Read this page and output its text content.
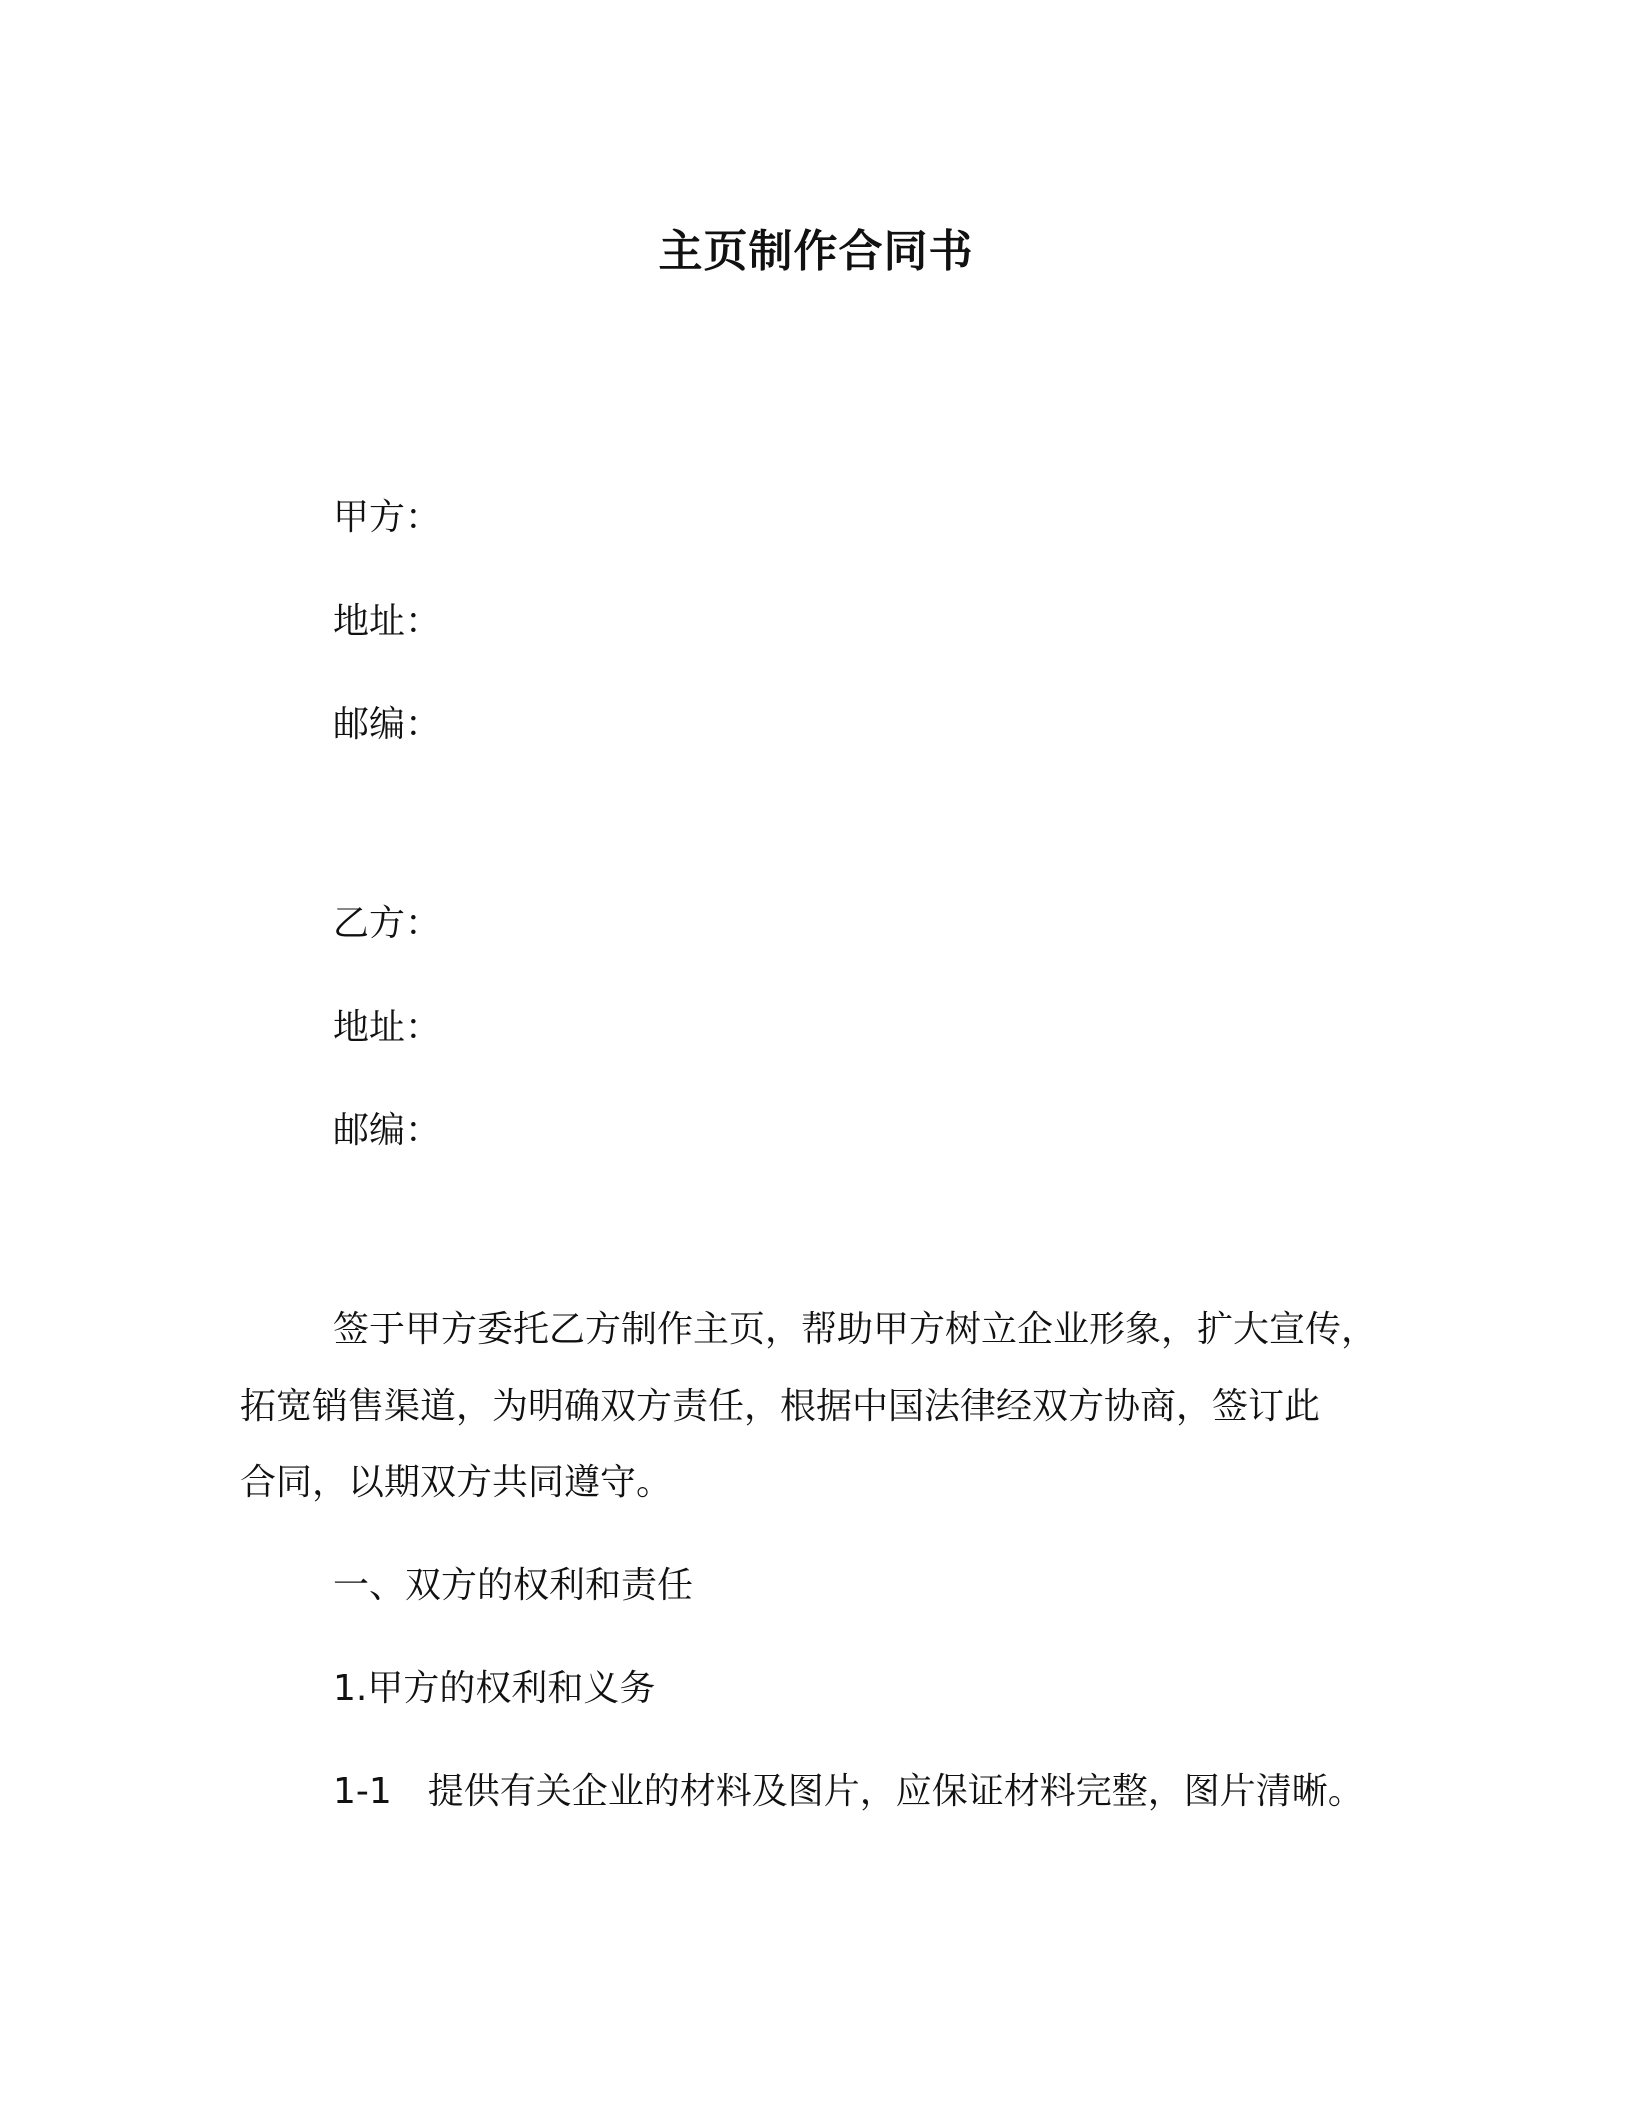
主页制作合同书
甲方：
地址：
邮编：
乙方：
地址：
邮编：
签于甲方委托乙方制作主页，帮助甲方树立企业形象，扩大宣传，
拓宽销售渠道，为明确双方责任，根据中国法律经双方协商，签订此
合同，以期双方共同遵守。
一、双方的权利和责任
1.甲方的权利和义务
1-1　提供有关企业的材料及图片，应保证材料完整，图片清晰。
